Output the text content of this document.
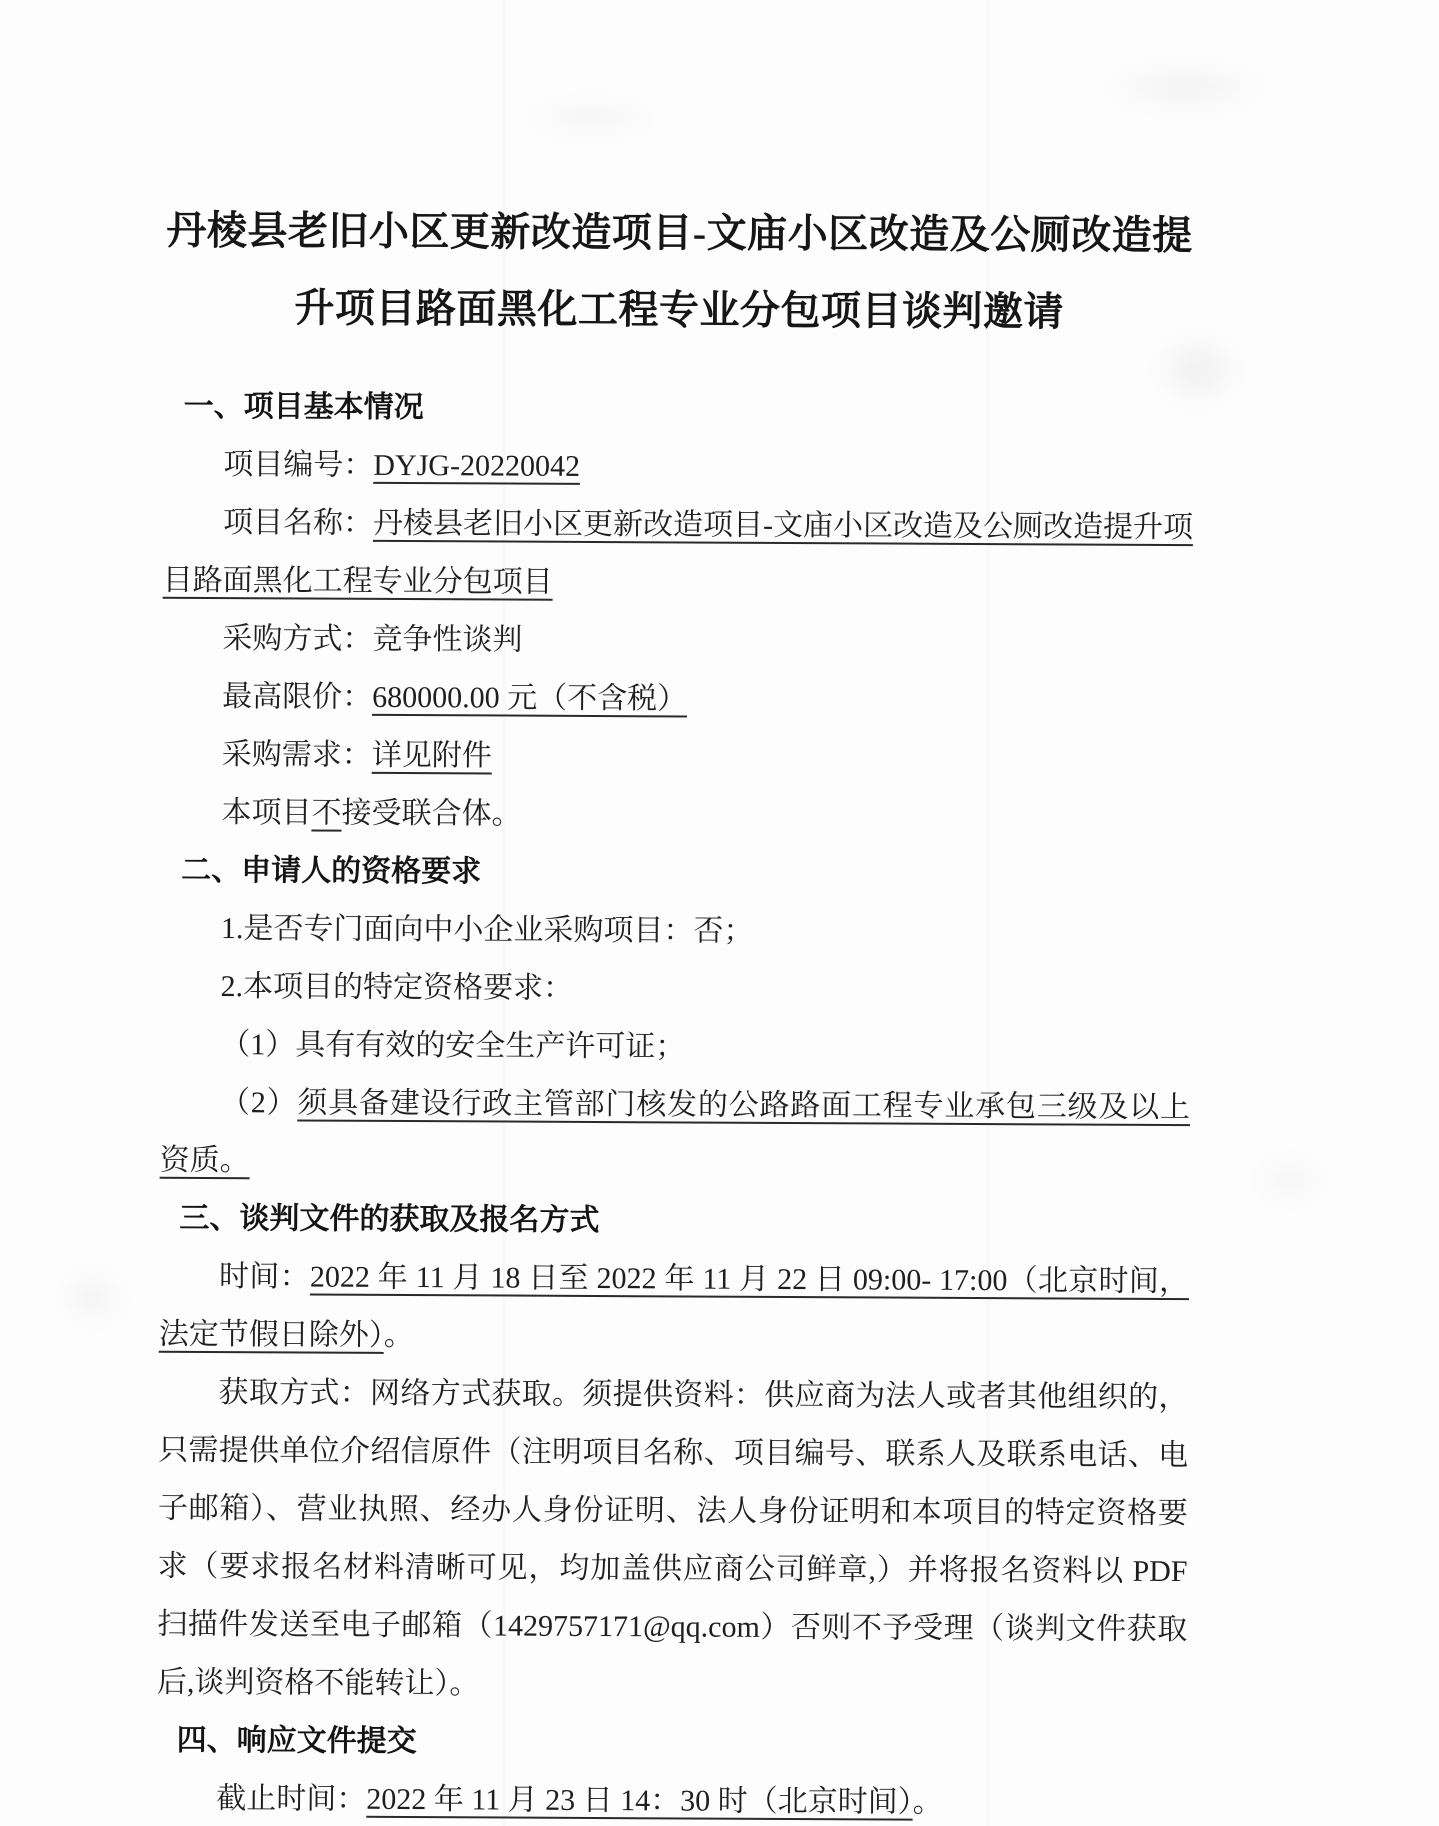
丹棱县老旧小区更新改造项目-文庙小区改造及公厕改造提
升项目路面黑化工程专业分包项目谈判邀请

一、项目基本情况

项目编号：DYJG-20220042

项目名称：丹棱县老旧小区更新改造项目-文庙小区改造及公厕改造提升项目路面黑化工程专业分包项目

采购方式：竞争性谈判

最高限价：680000.00 元（不含税）

采购需求：详见附件

本项目不接受联合体。

二、申请人的资格要求

1.是否专门面向中小企业采购项目：否；

2.本项目的特定资格要求：

（1）具有有效的安全生产许可证；

（2）须具备建设行政主管部门核发的公路路面工程专业承包三级及以上资质。

三、谈判文件的获取及报名方式

时间：2022 年 11 月 18 日至 2022 年 11 月 22 日 09:00- 17:00（北京时间，法定节假日除外）。

获取方式：网络方式获取。须提供资料：供应商为法人或者其他组织的，只需提供单位介绍信原件（注明项目名称、项目编号、联系人及联系电话、电子邮箱）、营业执照、经办人身份证明、法人身份证明和本项目的特定资格要求（要求报名材料清晰可见，均加盖供应商公司鲜章,）并将报名资料以 PDF 扫描件发送至电子邮箱（1429757171@qq.com）否则不予受理（谈判文件获取后,谈判资格不能转让）。

四、响应文件提交

截止时间：2022 年 11 月 23 日 14：30 时（北京时间）。
